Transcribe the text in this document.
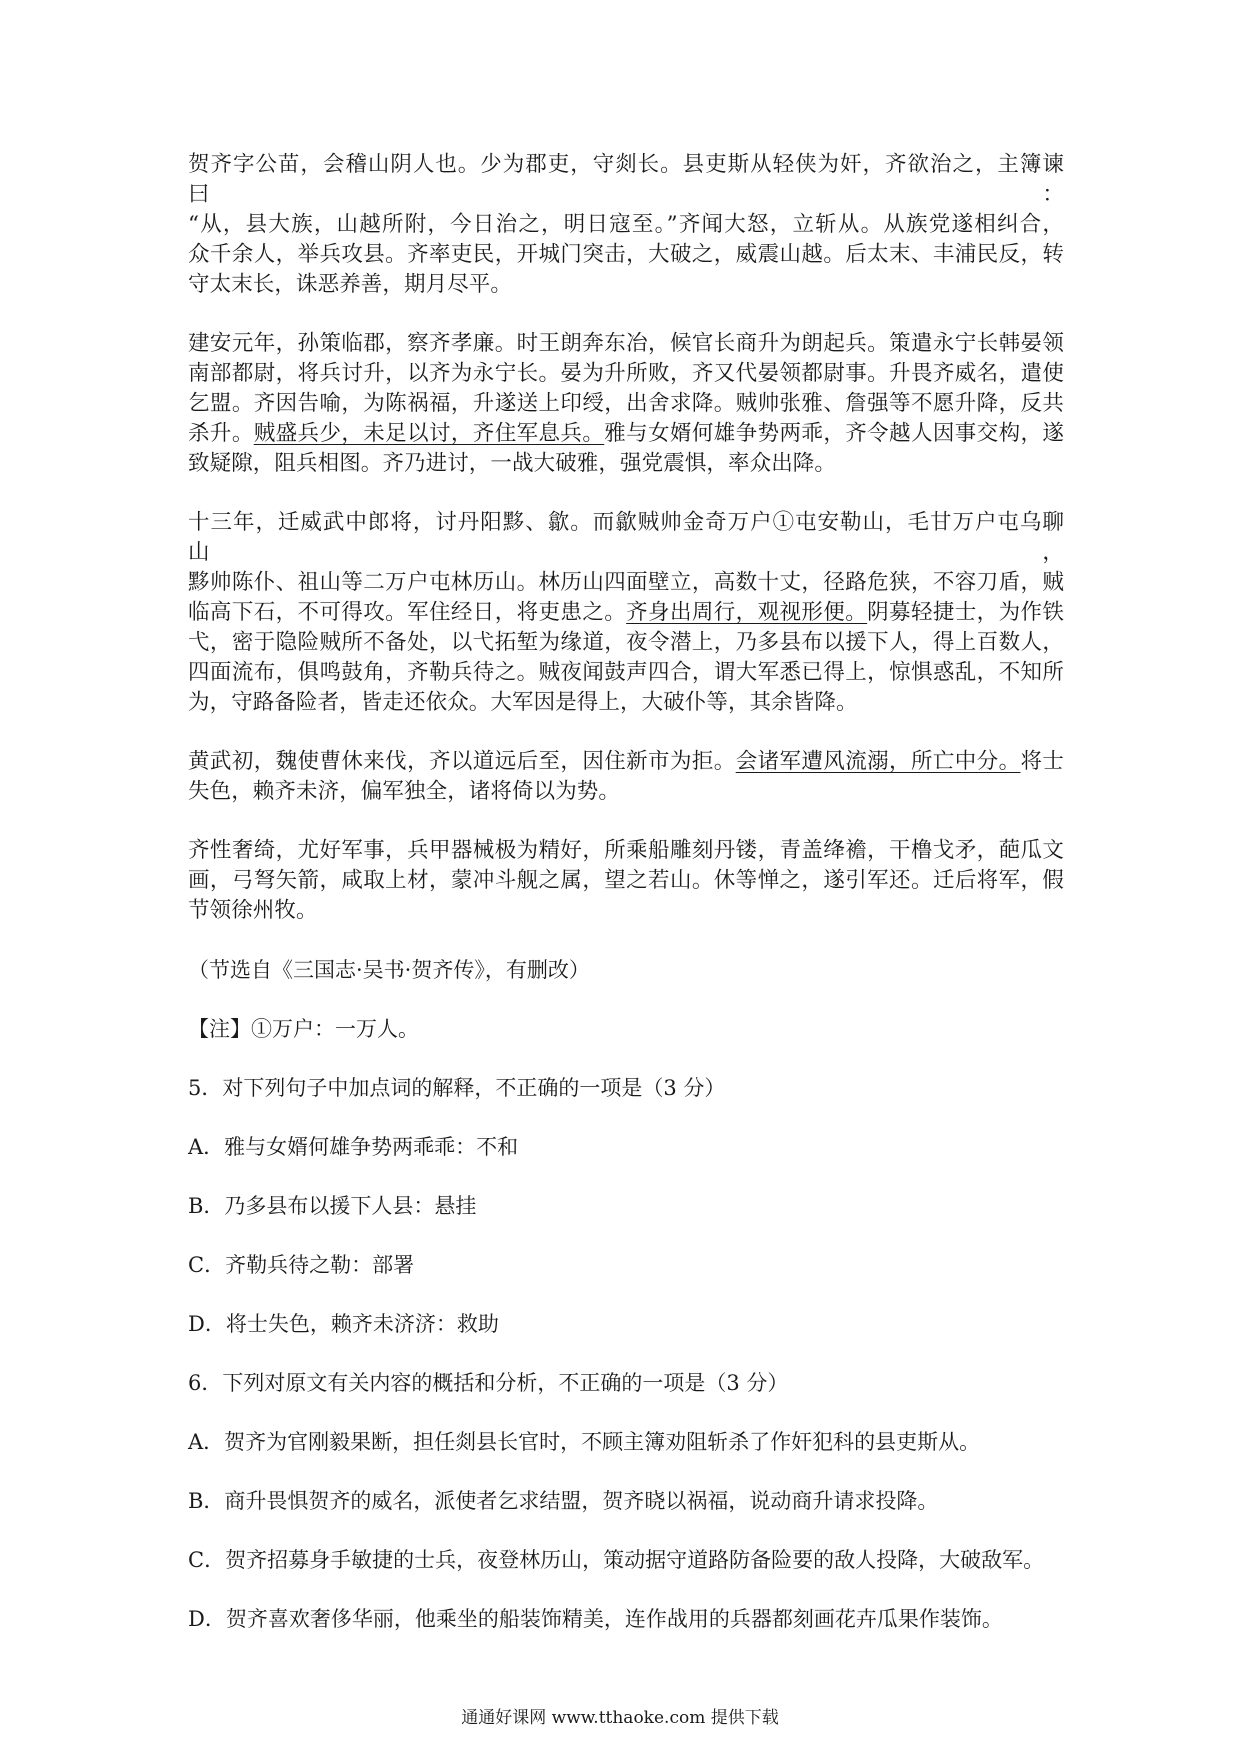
贺齐字公苗，会稽山阴人也。少为郡吏，守剡长。县吏斯从轻侠为奸，齐欲治之，主簿谏曰：
“从，县大族，山越所附，今日治之，明日寇至。”齐闻大怒，立斩从。从族党遂相纠合，
众千余人，举兵攻县。齐率吏民，开城门突击，大破之，威震山越。后太末、丰浦民反，转
守太末长，诛恶养善，期月尽平。
建安元年，孙策临郡，察齐孝廉。时王朗奔东冶，候官长商升为朗起兵。策遣永宁长韩晏领
南部都尉，将兵讨升，以齐为永宁长。晏为升所败，齐又代晏领都尉事。升畏齐威名，遣使
乞盟。齐因告喻，为陈祸福，升遂送上印绶，出舍求降。贼帅张雅、詹强等不愿升降，反共
杀升。贼盛兵少，未足以讨，齐住军息兵。雅与女婿何雄争势两乖，齐令越人因事交构，遂
致疑隙，阻兵相图。齐乃进讨，一战大破雅，强党震惧，率众出降。
十三年，迁威武中郎将，讨丹阳黟、歙。而歙贼帅金奇万户①屯安勒山，毛甘万户屯乌聊山，
黟帅陈仆、祖山等二万户屯林历山。林历山四面壁立，高数十丈，径路危狭，不容刀盾，贼
临高下石，不可得攻。军住经日，将吏患之。齐身出周行，观视形便。阴募轻捷士，为作铁
弋，密于隐险贼所不备处，以弋拓堑为缘道，夜令潜上，乃多县布以援下人，得上百数人，
四面流布，俱鸣鼓角，齐勒兵待之。贼夜闻鼓声四合，谓大军悉已得上，惊惧惑乱，不知所
为，守路备险者，皆走还依众。大军因是得上，大破仆等，其余皆降。
黄武初，魏使曹休来伐，齐以道远后至，因住新市为拒。会诸军遭风流溺，所亡中分。将士
失色，赖齐未济，偏军独全，诸将倚以为势。
齐性奢绮，尤好军事，兵甲器械极为精好，所乘船雕刻丹镂，青盖绛襜，干橹戈矛，葩瓜文
画，弓弩矢箭，咸取上材，蒙冲斗舰之属，望之若山。休等惮之，遂引军还。迁后将军，假
节领徐州牧。
（节选自《三国志·吴书·贺齐传》，有删改）
【注】①万户：一万人。
5．对下列句子中加点词的解释，不正确的一项是（3 分）
A．雅与女婿何雄争势两乖乖：不和
B．乃多县布以援下人县：悬挂
C．齐勒兵待之勒：部署
D．将士失色，赖齐未济济：救助
6．下列对原文有关内容的概括和分析，不正确的一项是（3 分）
A．贺齐为官刚毅果断，担任剡县长官时，不顾主簿劝阻斩杀了作奸犯科的县吏斯从。
B．商升畏惧贺齐的威名，派使者乞求结盟，贺齐晓以祸福，说动商升请求投降。
C．贺齐招募身手敏捷的士兵，夜登林历山，策动据守道路防备险要的敌人投降，大破敌军。
D．贺齐喜欢奢侈华丽，他乘坐的船装饰精美，连作战用的兵器都刻画花卉瓜果作装饰。
通通好课网 www.tthaoke.com 提供下载
